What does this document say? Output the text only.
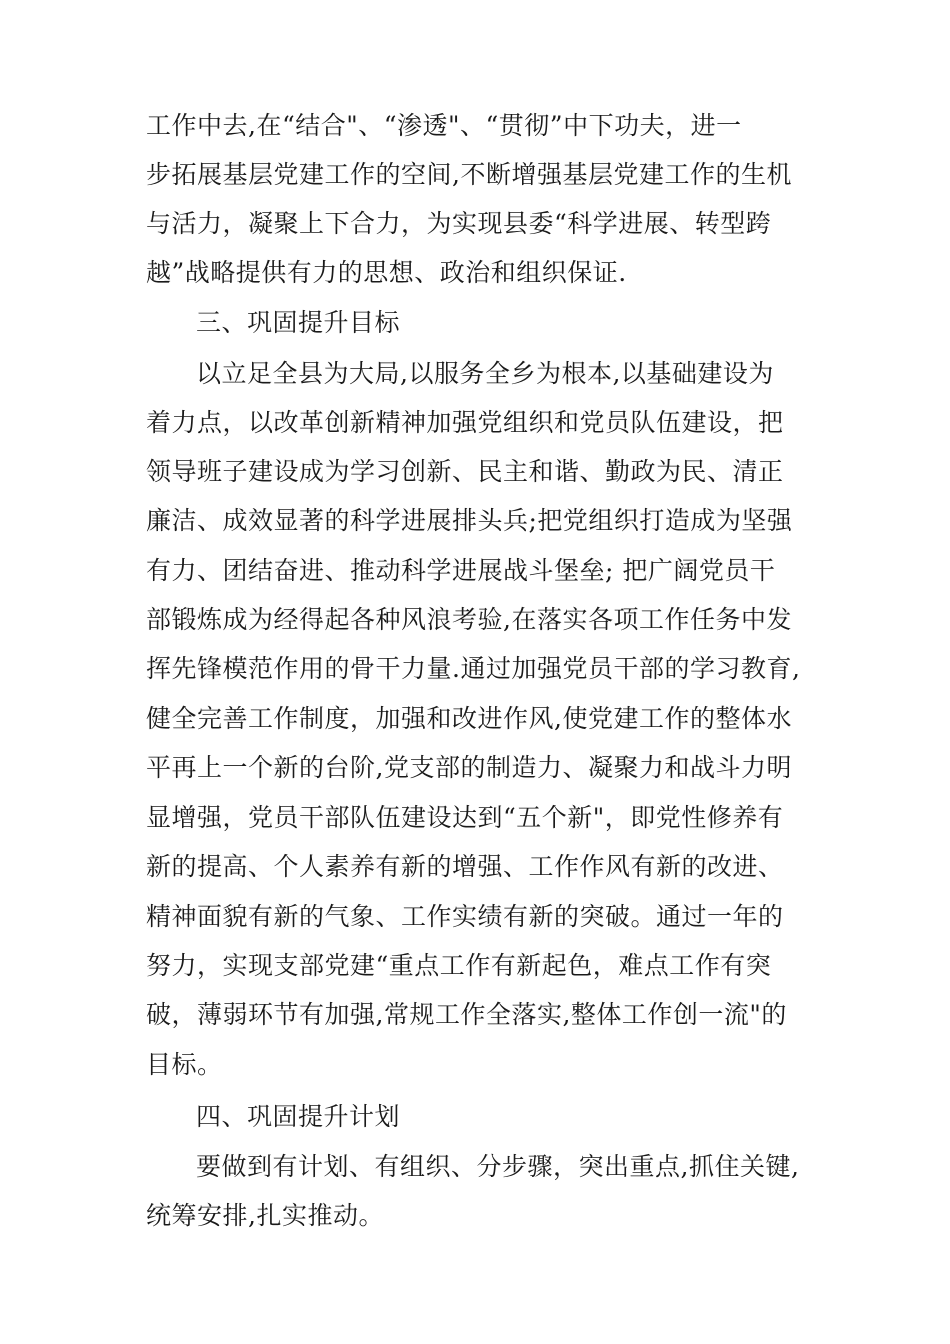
工作中去,在“结合"、“渗透"、“贯彻”中下功夫，进一
步拓展基层党建工作的空间,不断增强基层党建工作的生机
与活力，凝聚上下合力，为实现县委“科学进展、转型跨
越”战略提供有力的思想、政治和组织保证.
三、巩固提升目标
以立足全县为大局,以服务全乡为根本,以基础建设为
着力点，以改革创新精神加强党组织和党员队伍建设，把
领导班子建设成为学习创新、民主和谐、勤政为民、清正
廉洁、成效显著的科学进展排头兵;把党组织打造成为坚强
有力、团结奋进、推动科学进展战斗堡垒; 把广阔党员干
部锻炼成为经得起各种风浪考验,在落实各项工作任务中发
挥先锋模范作用的骨干力量.通过加强党员干部的学习教育,
健全完善工作制度，加强和改进作风,使党建工作的整体水
平再上一个新的台阶,党支部的制造力、凝聚力和战斗力明
显增强，党员干部队伍建设达到“五个新"，即党性修养有
新的提高、个人素养有新的增强、工作作风有新的改进、
精神面貌有新的气象、工作实绩有新的突破。通过一年的
努力，实现支部党建“重点工作有新起色，难点工作有突
破，薄弱环节有加强,常规工作全落实,整体工作创一流"的
目标。
四、巩固提升计划
要做到有计划、有组织、分步骤，突出重点,抓住关键,
统筹安排,扎实推动。
